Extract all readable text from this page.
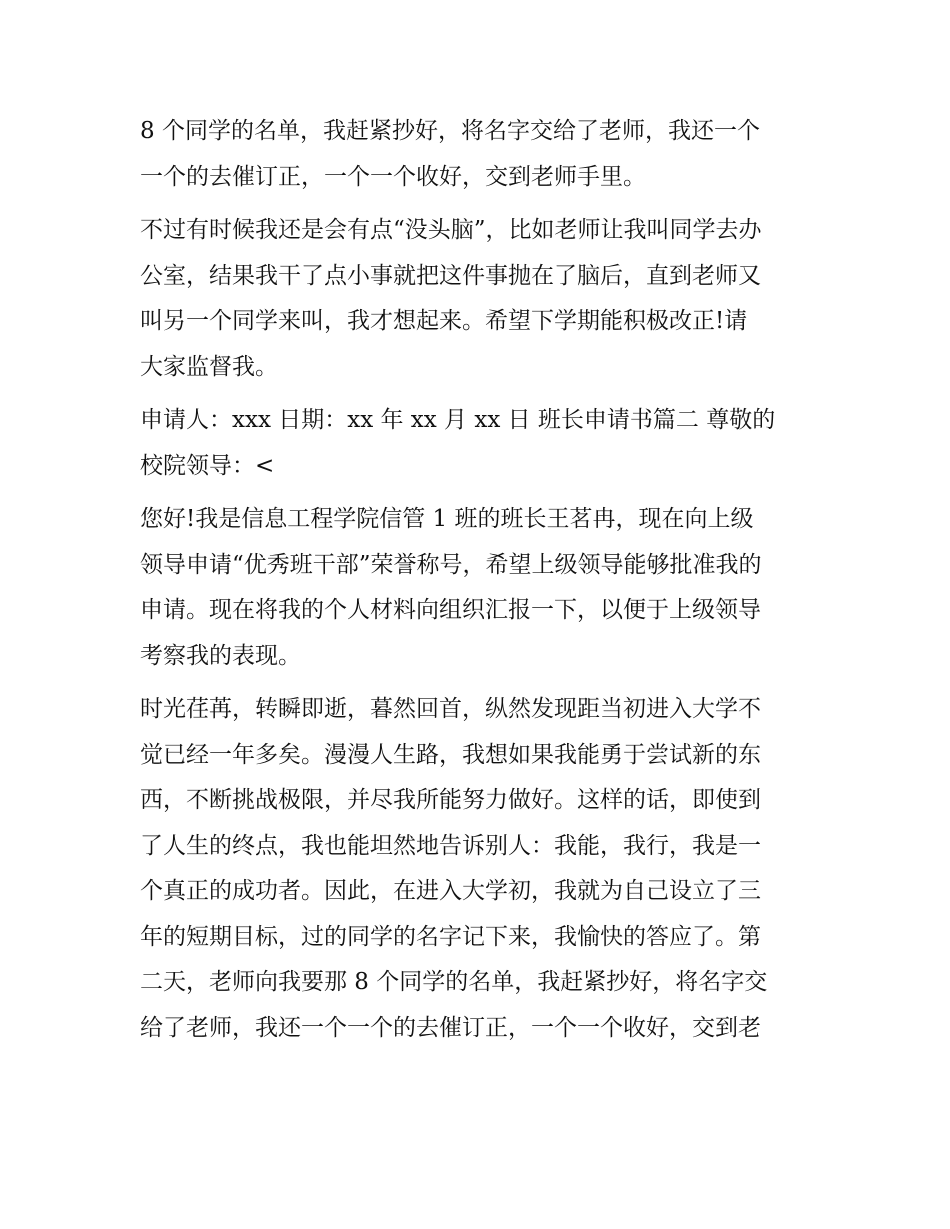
8 个同学的名单，我赶紧抄好，将名字交给了老师，我还一个
一个的去催订正，一个一个收好，交到老师手里。
不过有时候我还是会有点“没头脑”，比如老师让我叫同学去办
公室，结果我干了点小事就把这件事抛在了脑后，直到老师又
叫另一个同学来叫，我才想起来。希望下学期能积极改正!请
大家监督我。
申请人：xxx 日期：xx 年 xx 月 xx 日 班长申请书篇二 尊敬的
校院领导：<
您好!我是信息工程学院信管 1 班的班长王茗冉，现在向上级
领导申请“优秀班干部”荣誉称号，希望上级领导能够批准我的
申请。现在将我的个人材料向组织汇报一下，以便于上级领导
考察我的表现。
时光荏苒，转瞬即逝，暮然回首，纵然发现距当初进入大学不
觉已经一年多矣。漫漫人生路，我想如果我能勇于尝试新的东
西，不断挑战极限，并尽我所能努力做好。这样的话，即使到
了人生的终点，我也能坦然地告诉别人：我能，我行，我是一
个真正的成功者。因此，在进入大学初，我就为自己设立了三
年的短期目标，过的同学的名字记下来，我愉快的答应了。第
二天，老师向我要那 8 个同学的名单，我赶紧抄好，将名字交
给了老师，我还一个一个的去催订正，一个一个收好，交到老
